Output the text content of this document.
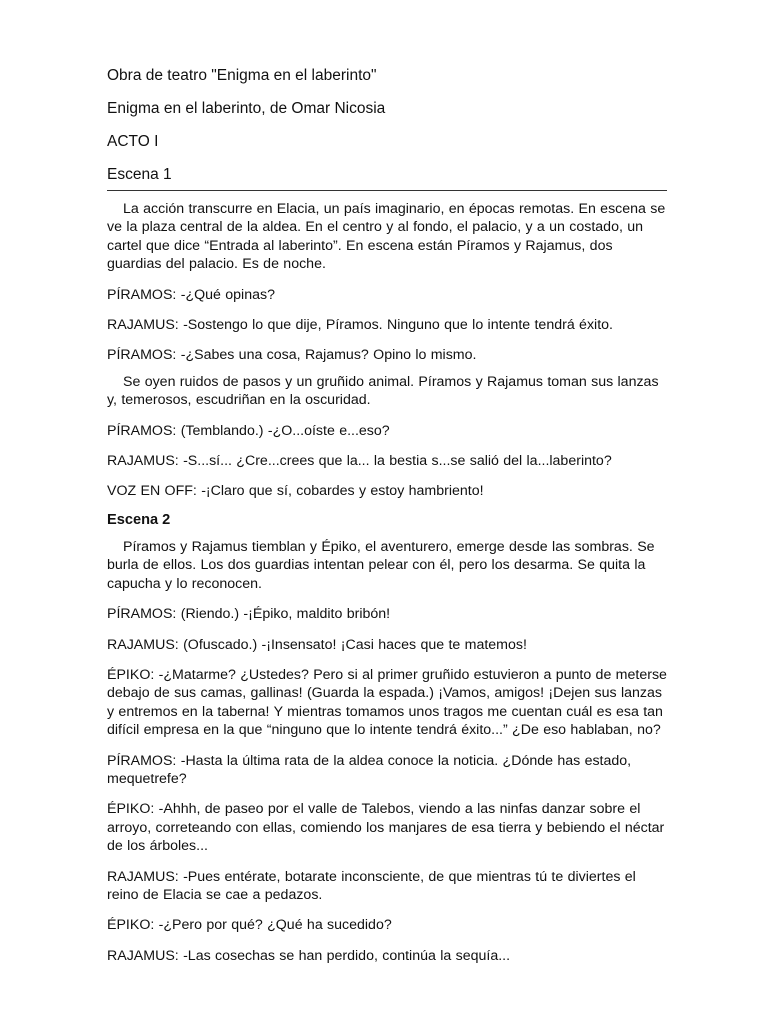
Obra de teatro "Enigma en el laberinto"
Enigma en el laberinto, de Omar Nicosia
ACTO I
Escena 1

La acción transcurre en Elacia, un país imaginario, en épocas remotas. En escena se ve la plaza central de la aldea. En el centro y al fondo, el palacio, y a un costado, un cartel que dice “Entrada al laberinto”. En escena están Píramos y Rajamus, dos guardias del palacio. Es de noche.

PÍRAMOS: -¿Qué opinas?

RAJAMUS: -Sostengo lo que dije, Píramos. Ninguno que lo intente tendrá éxito.

PÍRAMOS: -¿Sabes una cosa, Rajamus? Opino lo mismo.

Se oyen ruidos de pasos y un gruñido animal. Píramos y Rajamus toman sus lanzas y, temerosos, escudriñan en la oscuridad.

PÍRAMOS: (Temblando.) -¿O...oíste e...eso?

RAJAMUS: -S...sí... ¿Cre...crees que la... la bestia s...se salió del la...laberinto?

VOZ EN OFF: -¡Claro que sí, cobardes y estoy hambriento!

Escena 2

Píramos y Rajamus tiemblan y Épiko, el aventurero, emerge desde las sombras. Se burla de ellos. Los dos guardias intentan pelear con él, pero los desarma. Se quita la capucha y lo reconocen.

PÍRAMOS: (Riendo.) -¡Épiko, maldito bribón!

RAJAMUS: (Ofuscado.) -¡Insensato! ¡Casi haces que te matemos!

ÉPIKO: -¿Matarme? ¿Ustedes? Pero si al primer gruñido estuvieron a punto de meterse debajo de sus camas, gallinas! (Guarda la espada.) ¡Vamos, amigos! ¡Dejen sus lanzas y entremos en la taberna! Y mientras tomamos unos tragos me cuentan cuál es esa tan difícil empresa en la que “ninguno que lo intente tendrá éxito...” ¿De eso hablaban, no?

PÍRAMOS: -Hasta la última rata de la aldea conoce la noticia. ¿Dónde has estado, mequetrefe?

ÉPIKO: -Ahhh, de paseo por el valle de Talebos, viendo a las ninfas danzar sobre el arroyo, correteando con ellas, comiendo los manjares de esa tierra y bebiendo el néctar de los árboles...

RAJAMUS: -Pues entérate, botarate inconsciente, de que mientras tú te diviertes el reino de Elacia se cae a pedazos.

ÉPIKO: -¿Pero por qué? ¿Qué ha sucedido?

RAJAMUS: -Las cosechas se han perdido, continúa la sequía...
